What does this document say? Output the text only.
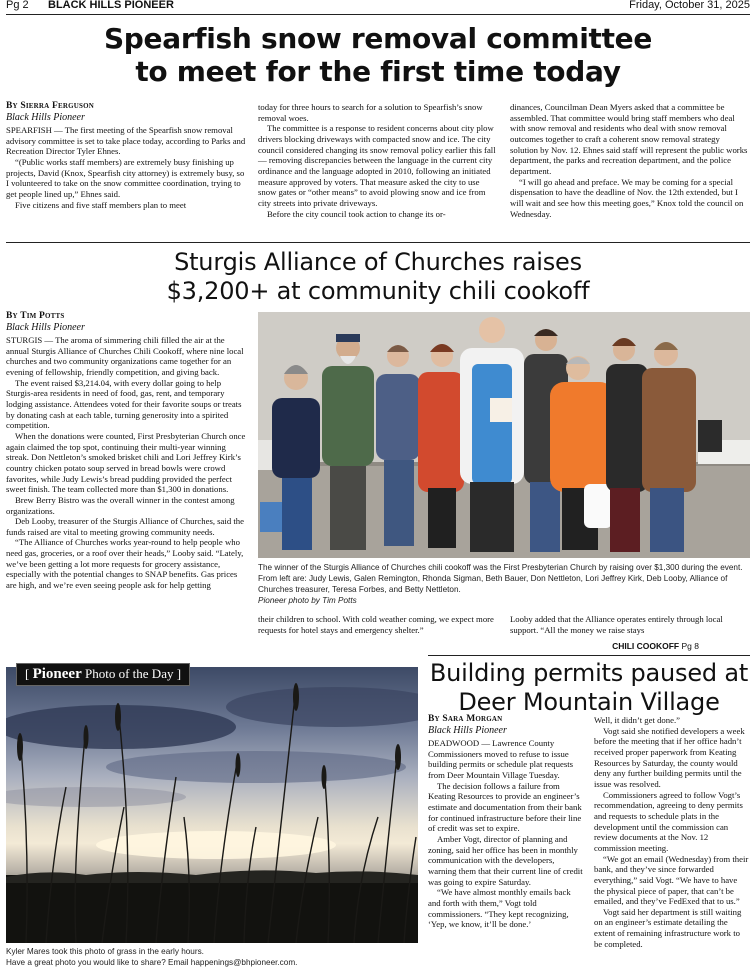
Pg 2 BLACK HILLS PIONEER	Friday, October 31, 2025
Spearfish snow removal committee
to meet for the first time today
By Sierra Ferguson
Black Hills Pioneer

SPEARFISH — The first meeting of the Spearfish snow removal advisory committee is set to take place today, according to Parks and Recreation Director Tyler Ehnes.

“(Public works staff members) are extremely busy finishing up projects, David (Knox, Spearfish city attorney) is extremely busy, so I volunteered to take on the snow committee coordination, trying to get people lined up,” Ehnes said.

Five citizens and five staff members plan to meet

today for three hours to search for a solution to Spearfish’s snow removal woes.

The committee is a response to resident concerns about city plow drivers blocking driveways with compacted snow and ice. The city council considered changing its snow removal policy earlier this fall — removing discrepancies between the language in the current city ordinance and the language adopted in 2010, following an initiated measure approved by voters. That measure asked the city to use snow gates or “other means” to avoid plowing snow and ice from city streets into private driveways.

Before the city council took action to change its or-

dinances, Councilman Dean Myers asked that a committee be assembled. That committee would bring staff members who deal with snow removal and residents who deal with snow removal outcomes together to craft a coherent snow removal strategy solution by Nov. 12. Ehnes said staff will represent the public works department, the parks and recreation department, and the police department.

“I will go ahead and preface. We may be coming for a special dispensation to have the deadline of Nov. the 12th extended, but I will wait and see how this meeting goes,” Knox told the council on Wednesday.

Sturgis Alliance of Churches raises
$3,200+ at community chili cookoff
By Tim Potts
Black Hills Pioneer

STURGIS — The aroma of simmering chili filled the air at the annual Sturgis Alliance of Churches Chili Cookoff, where nine local churches and two community organizations came together for an evening of fellowship, friendly competition, and giving back.

The event raised $3,214.04, with every dollar going to help Sturgis-area residents in need of food, gas, rent, and temporary lodging assistance. Attendees voted for their favorite soups or treats by donating cash at each table, turning generosity into a spirited competition.

When the donations were counted, First Presbyterian Church once again claimed the top spot, continuing their multi-year winning streak. Don Nettleton’s smoked brisket chili and Lori Jeffrey Kirk’s country chicken potato soup served in bread bowls were crowd favorites, while Judy Lewis’s bread pudding provided the perfect sweet finish. The team collected more than $1,300 in donations.

Brew Berry Bistro was the overall winner in the contest among organizations.

Deb Looby, treasurer of the Sturgis Alliance of Churches, said the funds raised are vital to meeting growing community needs.

“The Alliance of Churches works year-round to help people who need gas, groceries, or a roof over their heads,” Looby said. “Lately, we’ve been getting a lot more requests for grocery assistance, especially with the potential changes to SNAP benefits. Gas prices are high, and we’re even seeing people ask for help getting

The winner of the Sturgis Alliance of Churches chili cookoff was the First Presbyterian Church by raising over $1,300 during the event. From left are: Judy Lewis, Galen Remington, Rhonda Sigman, Beth Bauer, Don Nettleton, Lori Jeffrey Kirk, Deb Looby, Alliance of Churches treasurer, Teresa Forbes, and Betty Nettleton.
Pioneer photo by Tim Potts

their children to school. With cold weather coming, we expect more requests for hotel stays and emergency shelter.”

Looby added that the Alliance operates entirely through local support. “All the money we raise stays

CHILI COOKOFF Pg 8
[ Pioneer Photo of the Day ]
Kyler Mares took this photo of grass in the early hours.
Have a great photo you would like to share? Email happenings@bhpioneer.com.
Building permits paused at
Deer Mountain Village
By Sara Morgan
Black Hills Pioneer

DEADWOOD — Lawrence County Commissioners moved to refuse to issue building permits or schedule plat requests from Deer Mountain Village Tuesday.

The decision follows a failure from Keating Resources to provide an engineer’s estimate and documentation from their bank for continued infrastructure before their line of credit was set to expire.

Amber Vogt, director of planning and zoning, said her office has been in monthly communication with the developers, warning them that their current line of credit was going to expire Saturday.

“We have almost monthly emails back and forth with them,” Vogt told commissioners. “They kept recognizing, ‘Yep, we know, it’ll be done.’

Well, it didn’t get done.”

Vogt said she notified developers a week before the meeting that if her office hadn’t received proper paperwork from Keating Resources by Saturday, the county would deny any further building permits until the issue was resolved.

Commissioners agreed to follow Vogt’s recommendation, agreeing to deny permits and requests to schedule plats in the development until the commission can review documents at the Nov. 12 commission meeting.

“We got an email (Wednesday) from their bank, and they’ve since forwarded everything,” said Vogt. “We have to have the physical piece of paper, that can’t be emailed, and they’ve FedExed that to us.”

Vogt said her department is still waiting on an engineer’s estimate detailing the extent of remaining infrastructure work to be completed.
